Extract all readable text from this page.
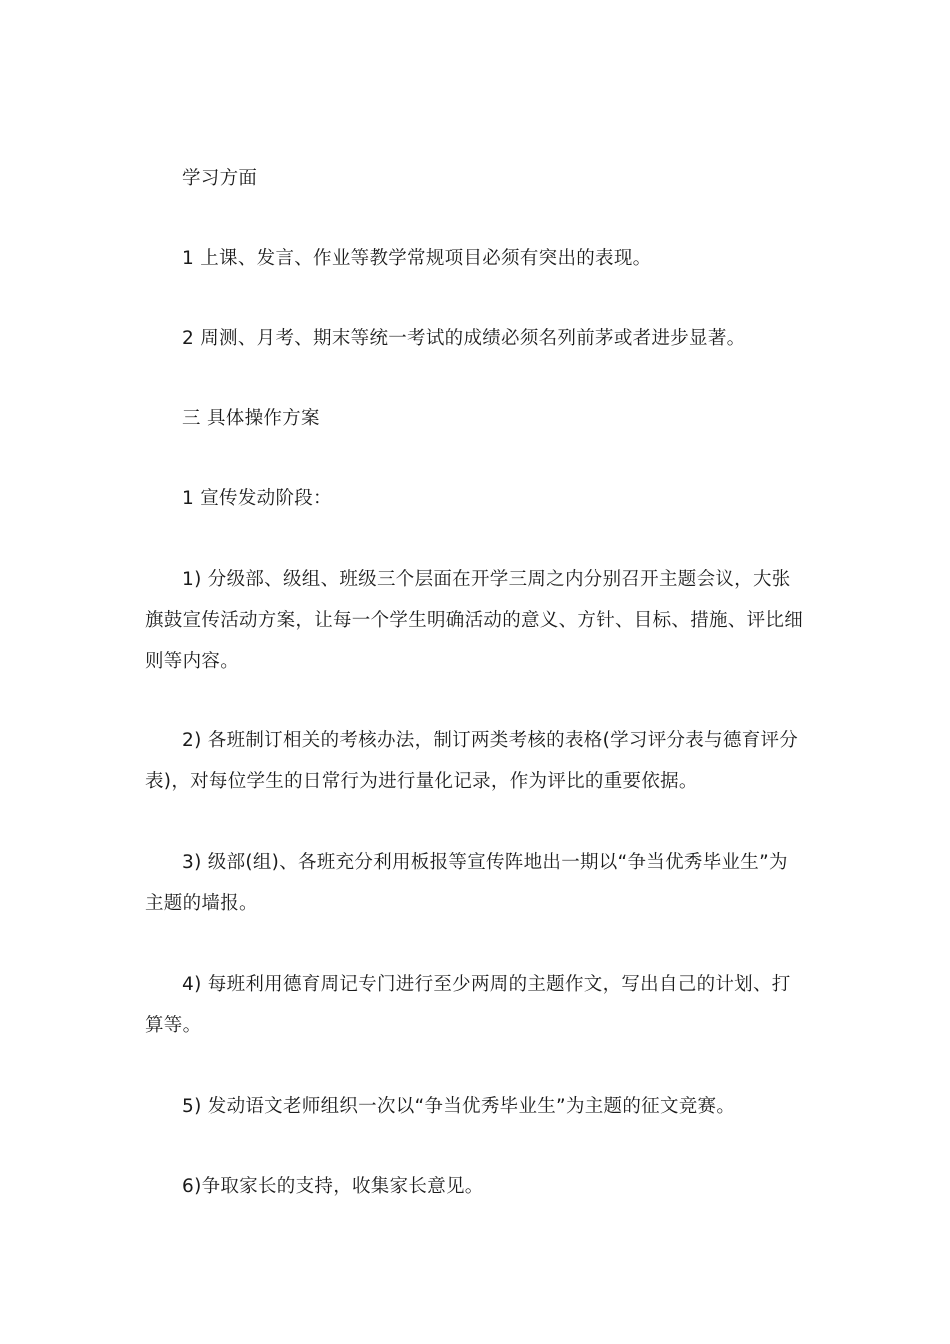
学习方面

1 上课、发言、作业等教学常规项目必须有突出的表现。

2 周测、月考、期末等统一考试的成绩必须名列前茅或者进步显著。

三 具体操作方案

1 宣传发动阶段：

1) 分级部、级组、班级三个层面在开学三周之内分别召开主题会议，大张旗鼓宣传活动方案，让每一个学生明确活动的意义、方针、目标、措施、评比细则等内容。

2) 各班制订相关的考核办法，制订两类考核的表格(学习评分表与德育评分表)，对每位学生的日常行为进行量化记录，作为评比的重要依据。

3) 级部(组)、各班充分利用板报等宣传阵地出一期以“争当优秀毕业生”为主题的墙报。

4) 每班利用德育周记专门进行至少两周的主题作文，写出自己的计划、打算等。

5) 发动语文老师组织一次以“争当优秀毕业生”为主题的征文竞赛。

6)争取家长的支持，收集家长意见。
